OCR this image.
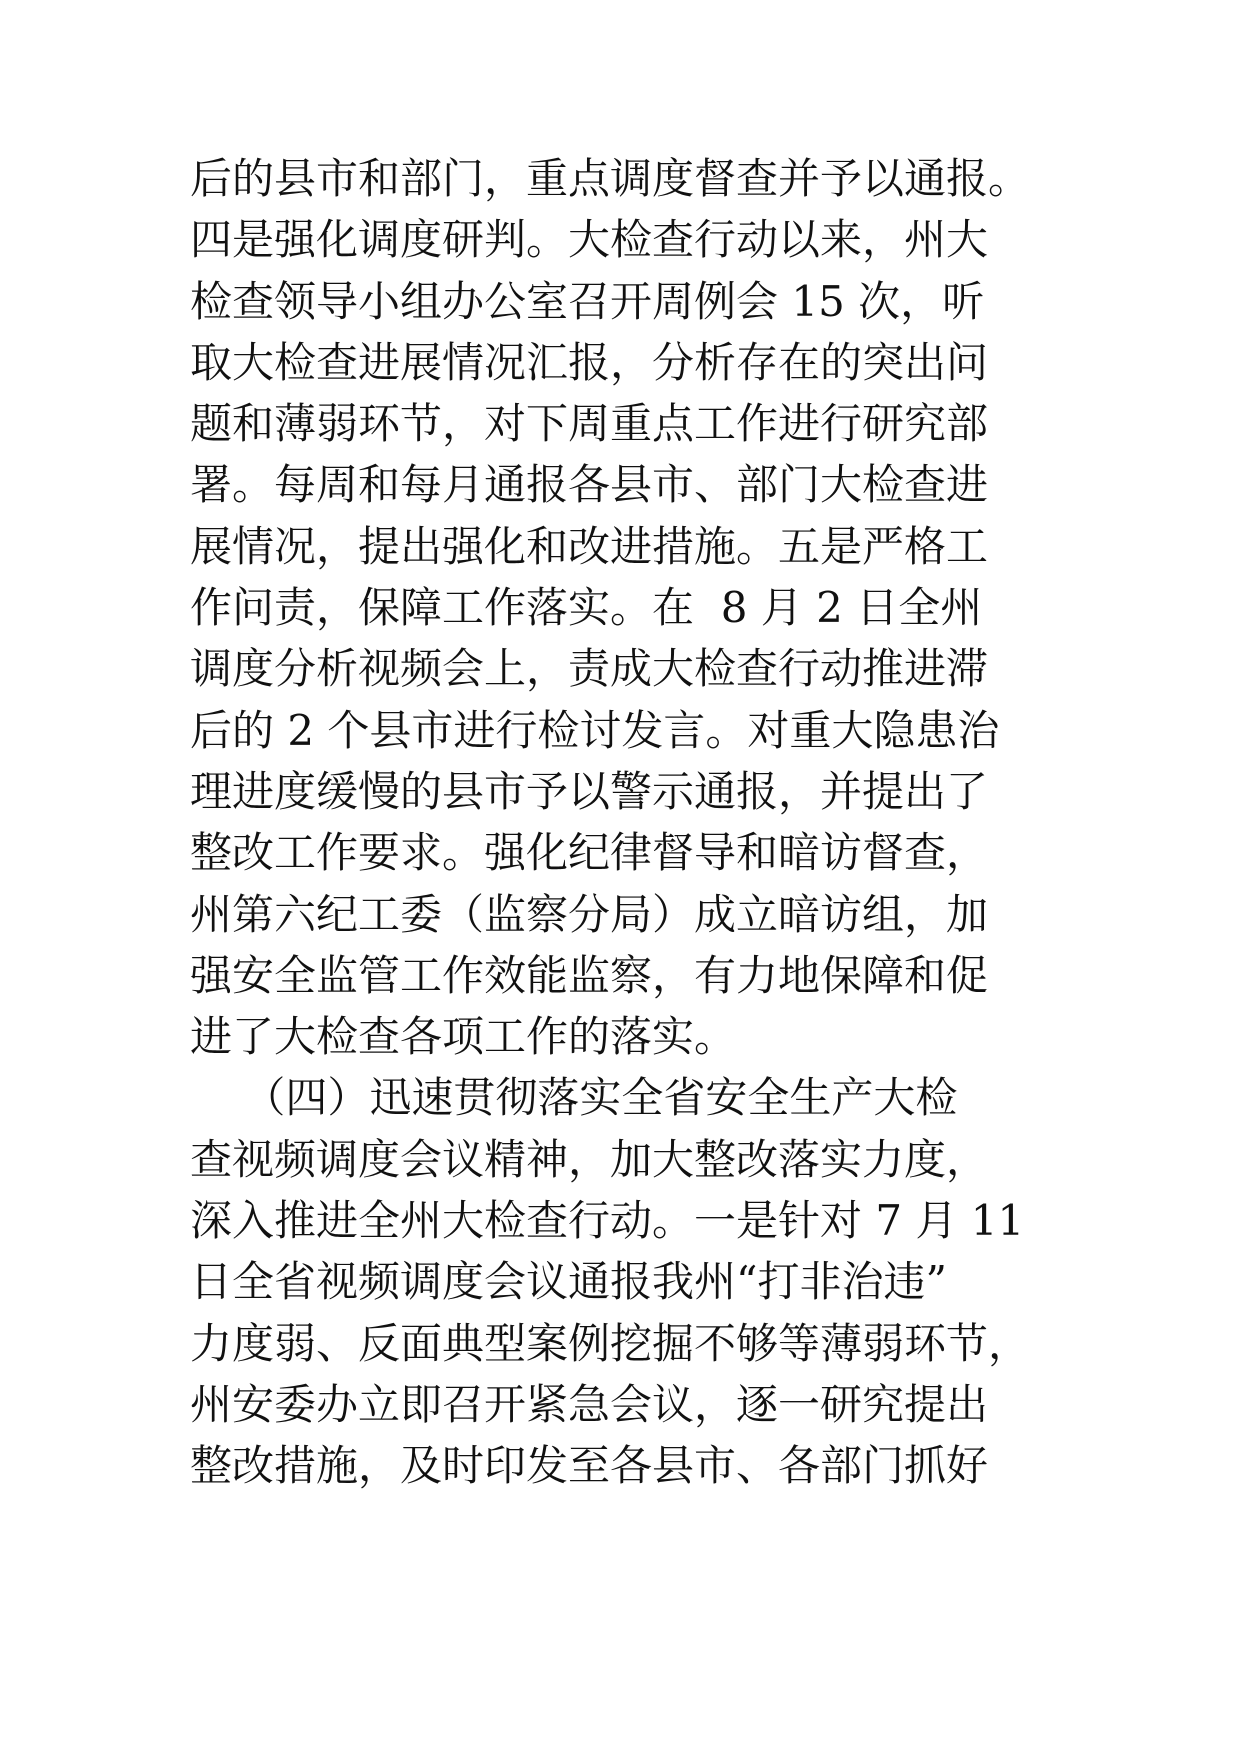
后的县市和部门，重点调度督查并予以通报。
四是强化调度研判。大检查行动以来，州大
检查领导小组办公室召开周例会 15 次，听
取大检查进展情况汇报，分析存在的突出问
题和薄弱环节，对下周重点工作进行研究部
署。每周和每月通报各县市、部门大检查进
展情况，提出强化和改进措施。五是严格工
作问责，保障工作落实。在  8 月 2 日全州
调度分析视频会上，责成大检查行动推进滞
后的 2 个县市进行检讨发言。对重大隐患治
理进度缓慢的县市予以警示通报，并提出了
整改工作要求。强化纪律督导和暗访督查，
州第六纪工委（监察分局）成立暗访组，加
强安全监管工作效能监察，有力地保障和促
进了大检查各项工作的落实。
（四）迅速贯彻落实全省安全生产大检
查视频调度会议精神，加大整改落实力度，
深入推进全州大检查行动。一是针对 7 月 11
日全省视频调度会议通报我州“打非治违”
力度弱、反面典型案例挖掘不够等薄弱环节，
州安委办立即召开紧急会议，逐一研究提出
整改措施，及时印发至各县市、各部门抓好
